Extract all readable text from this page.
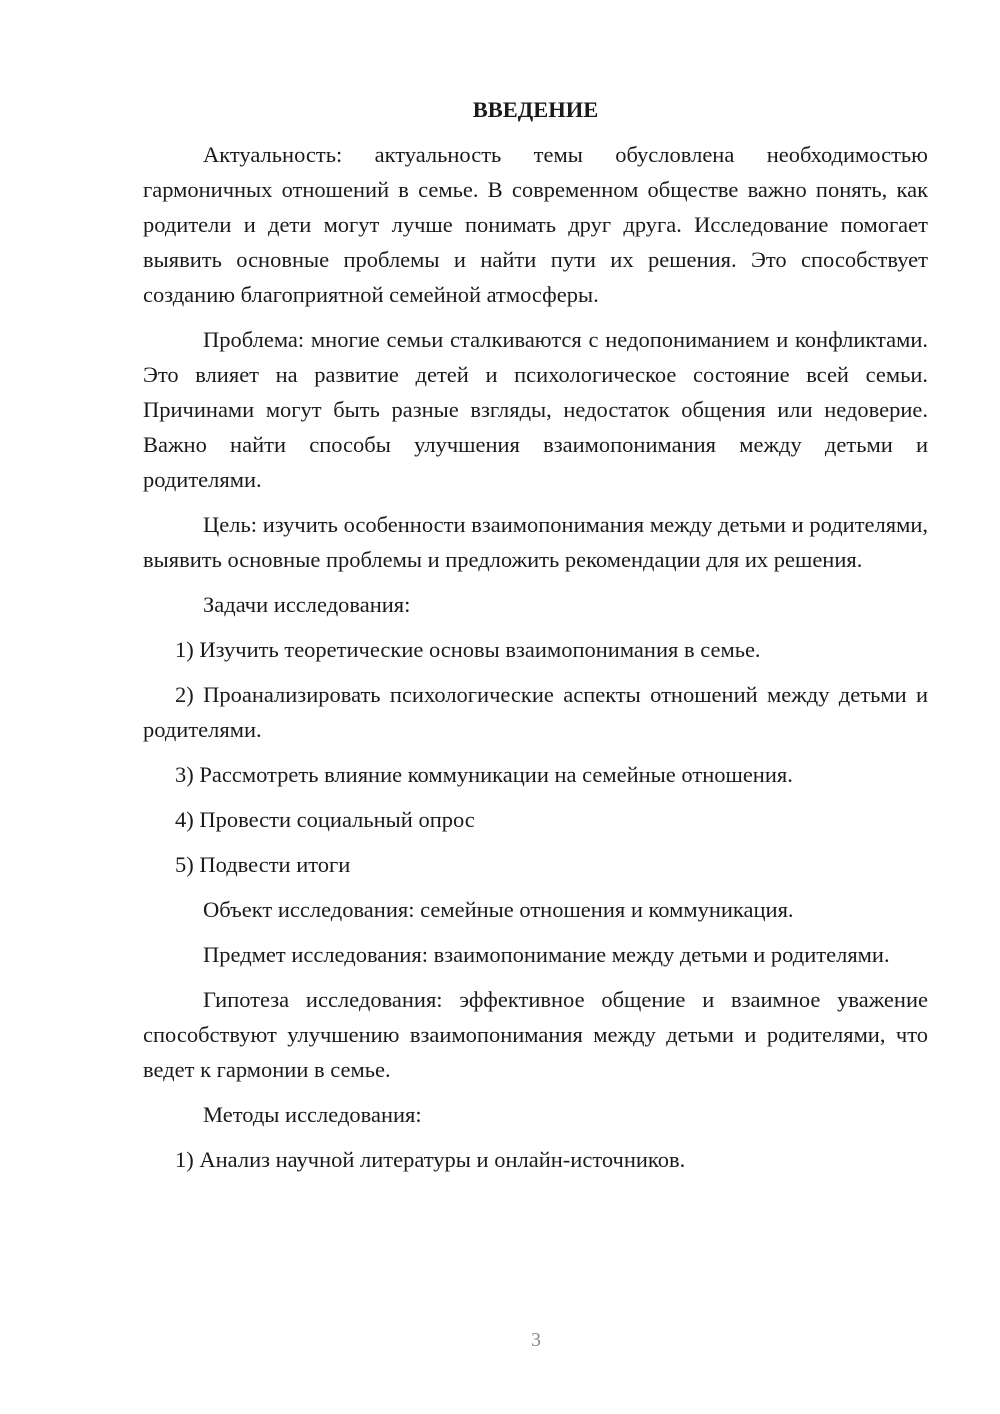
ВВЕДЕНИЕ

Актуальность: актуальность темы обусловлена необходимостью гармоничных отношений в семье. В современном обществе важно понять, как родители и дети могут лучше понимать друг друга. Исследование помогает выявить основные проблемы и найти пути их решения. Это способствует созданию благоприятной семейной атмосферы.

Проблема: многие семьи сталкиваются с недопониманием и конфликтами. Это влияет на развитие детей и психологическое состояние всей семьи. Причинами могут быть разные взгляды, недостаток общения или недоверие. Важно найти способы улучшения взаимопонимания между детьми и родителями.

Цель: изучить особенности взаимопонимания между детьми и родителями, выявить основные проблемы и предложить рекомендации для их решения.

Задачи исследования:

1) Изучить теоретические основы взаимопонимания в семье.

2) Проанализировать психологические аспекты отношений между детьми и родителями.

3) Рассмотреть влияние коммуникации на семейные отношения.

4) Провести социальный опрос

5) Подвести итоги

Объект исследования: семейные отношения и коммуникация.

Предмет исследования: взаимопонимание между детьми и родителями.

Гипотеза исследования: эффективное общение и взаимное уважение способствуют улучшению взаимопонимания между детьми и родителями, что ведет к гармонии в семье.

Методы исследования:

1) Анализ научной литературы и онлайн-источников.

3
